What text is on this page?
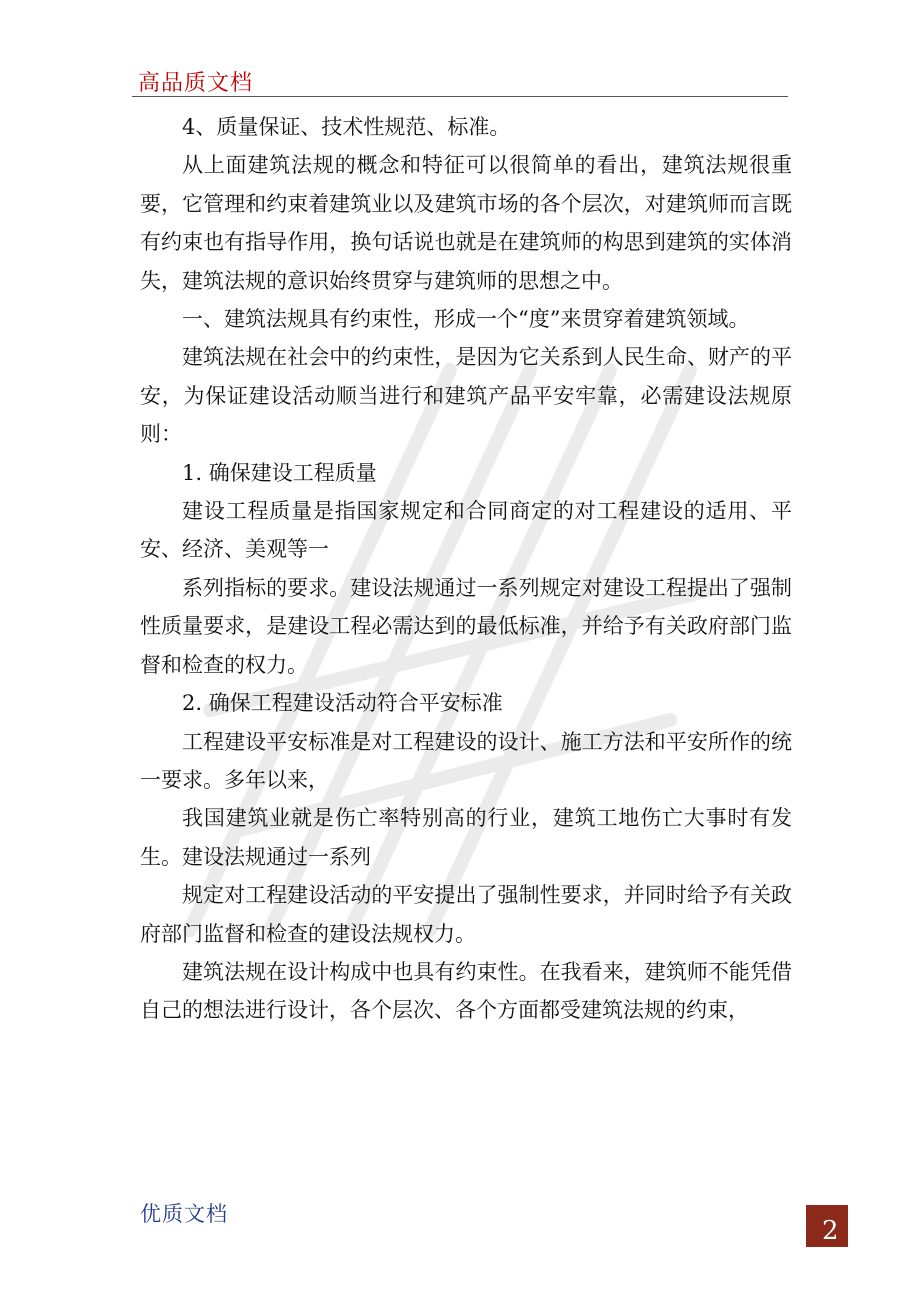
高品质文档

4、质量保证、技术性规范、标准。

从上面建筑法规的概念和特征可以很简单的看出，建筑法规很重要，它管理和约束着建筑业以及建筑市场的各个层次，对建筑师而言既有约束也有指导作用，换句话说也就是在建筑师的构思到建筑的实体消失，建筑法规的意识始终贯穿与建筑师的思想之中。

一、建筑法规具有约束性，形成一个“度”来贯穿着建筑领域。

建筑法规在社会中的约束性，是因为它关系到人民生命、财产的平安，为保证建设活动顺当进行和建筑产品平安牢靠，必需建设法规原则：

1. 确保建设工程质量

建设工程质量是指国家规定和合同商定的对工程建设的适用、平安、经济、美观等一

系列指标的要求。建设法规通过一系列规定对建设工程提出了强制性质量要求，是建设工程必需达到的最低标准，并给予有关政府部门监督和检查的权力。

2. 确保工程建设活动符合平安标准

工程建设平安标准是对工程建设的设计、施工方法和平安所作的统一要求。多年以来，

我国建筑业就是伤亡率特别高的行业，建筑工地伤亡大事时有发生。建设法规通过一系列

规定对工程建设活动的平安提出了强制性要求，并同时给予有关政府部门监督和检查的建设法规权力。

建筑法规在设计构成中也具有约束性。在我看来，建筑师不能凭借自己的想法进行设计，各个层次、各个方面都受建筑法规的约束，

优质文档
2
